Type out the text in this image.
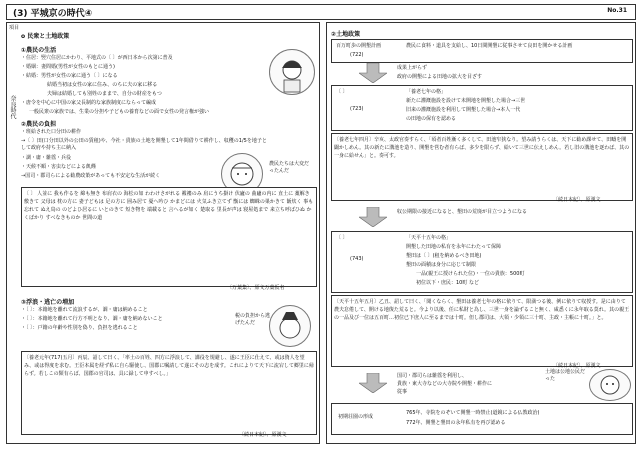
(3) 平城京の時代④	No.31
項目
奈良時代
o 民衆と土地政策
①農民の生活
・住居：竪穴住居にかわり、平地式の〔 〕が西日本から次第に普及
・婚姻：妻問婚(男性が女性のもとに通う)
・結婚：男性が女性の家に通う〔 〕になる
結婚当初は女性の家に住み、のちに夫の家に移る
夫婦は結婚しても別姓のままで、自分の財産をもつ
・唐令を中心に中国の家父長制的な家族制度にならって編成
一般民衆の家族では、生業の分担や子どもの養育などの面で女性の発言権が強い
②農民の負担
・班給された口分田の耕作
→〔 〕田(口分田以外の公田の賃租)や、今社・貴族の土地を開墾して1年間借りて耕作し、収穫の1/5を地子として政府や持ち主に納入
・調・庸・雑徭・兵役
・天候不順・害虫などによる飢饉
→国司・郡司らによる勧農政策があっても不安定な生活が続く
農民たちは大変だったんだ
〔 〕 人並に 我も作るを 綿も無き 布肩衣の 海松の如 わわけさがれる 襤褸のみ 肩にうち掛け 伏廬の 曲廬の内に 直土に 藁解き敷きて 父母は 枕の方に 妻子どもは 足の方に 囲み居て 憂へ吟ひ かまどには 火気ふき立てず 甑には 蜘蛛の巣かきて 飯炊く 事も忘れて ぬえ鳥の のどよひ居るに いとのきて 短き物を 端載ると 言へるが如く 楚取る 里長が声は 寝屋処まで 来立ち呼ばひぬ かくばかり すべなきものか 世間の道
〔万葉集〕、原文万葉仮名
③浮浪・逃亡の増加
・〔 〕：本籍地を離れて流浪するが、調・庸は納めること
・〔 〕：本籍地を離れて行方不明となり、調・庸を納めないこと
・〔 〕：戸籍の年齢や性別を偽り、負担を逃れること
税の負担から逃げたんだ
〔養老元年(717)五月〕丙辰、詔して曰く、「率土の百姓、四方に浮浪して、課役を規避し、遂に王臣に仕えて、或は資人を望み、或は得度を求む。王臣本属を経ず私に自ら駆使し、国郡に嘱請して遂にその志を成す。これによりて天下に流宕して郷里に帰らず。若しこの類有らば、国郡の官司は、具に録して申すべし。」
〔続日本紀〕、原漢文
②土地政策
百万町歩の開墾計画
(722)
農民に食料・道具を支給し、10日間開墾に従事させて良田を開かせる計画
成果上がらず
政府の開墾による田地の拡大を目ざす
〔 〕
(723)
「養老七年の格」
新たに灌漑施設を設けて未開地を開墾した場合→三世
旧来の灌漑施設を利用して開墾した場合→本人一代
の田地の保有を認める
〔養老七年四月〕辛亥、太政官奏すらく、「頃者百姓漸く多くして、田池窄狭なり。望み請うらくは、天下に勧め課せて、田疇を開闢かしめん。其の新たに溝池を造り、開墾を営む者有らば、多少を限らず、給いて三世に伝えしめん。若し旧の溝池を逐わば、其の一身に給せん」と。奏可す。
〔続日本紀〕、原漢文
収公期限の接近になると、墾田の荒廃が目立つようになる
〔 〕
(743)
「天平十五年の格」
開墾した田地の私有を永年にわたって保障
墾田は〔 〕(租を納めるべき田地)
墾田の面積は身分に応じて制限
一品(親王に授けられた位)・一位の貴族：500町
初位以下・庶民：10町 など
〔天平十五年五月〕乙丑、詔して曰く、「聞くならく、墾田は養老七年の格に依りて、限満つる後、例に依りて収授す。是に由りて農夫怠倦して、開ける地復た荒ると。今より以後、任に私財と為し、三世一身を論ずること無く、咸悉くに永年取る莫れ。其の親王の一品及び一位は五百町…初位已下庶人に至るまでは十町。但し郡司は、大領・少領に三十町、主政・主帳に十町。」と。
〔続日本紀〕、原漢文
国司・郡司らは雑徭を利用し、
貴族・東大寺などの大寺院や開墾・耕作に
従事
土地は公地公民だった
初期荘園の形成
765年、寺院をのぞいて開墾一時禁止(道鏡による仏教政治)
772年、開墾と墾田の永年私有を再び認める
